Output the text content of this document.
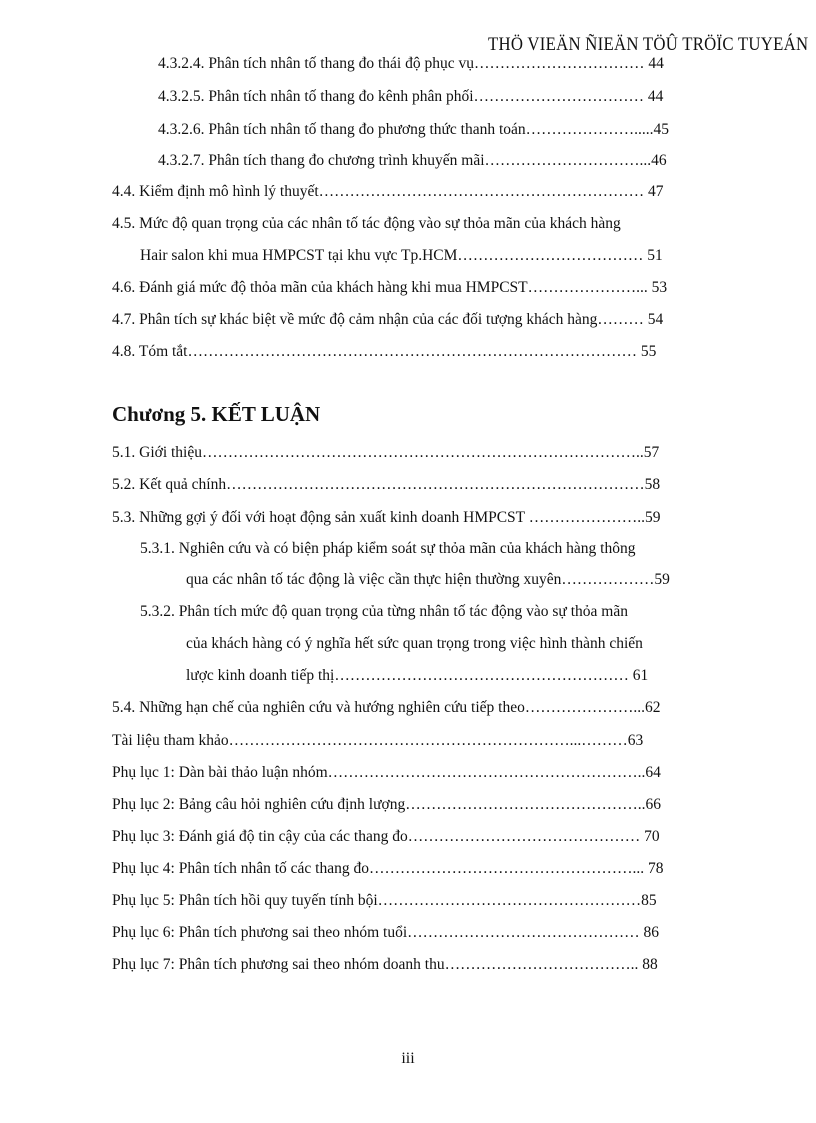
THÖ VIEÄN ÑIEÄN TÖÛ TRÖÏC TUYEÁN
4.3.2.4. Phân tích nhân tố thang đo thái độ phục vụ…………………………… 44
4.3.2.5. Phân tích nhân tố thang đo kênh phân phối…………………………… 44
4.3.2.6. Phân tích nhân tố thang đo phương thức thanh toán………………….....45
4.3.2.7. Phân tích thang đo chương trình khuyến mãi…………………………...46
4.4. Kiểm định mô hình lý thuyết……………………………………………………… 47
4.5. Mức độ quan trọng của các nhân tố tác động vào sự thỏa mãn của khách hàng
Hair salon khi mua HMPCST tại khu vực Tp.HCM……………………………… 51
4.6. Đánh giá mức độ thỏa mãn của khách hàng khi mua HMPCST…………………... 53
4.7. Phân tích sự khác biệt về mức độ cảm nhận của các đối tượng khách hàng……… 54
4.8. Tóm tắt…………………………………………………………………………… 55
Chương 5. KẾT LUẬN
5.1. Giới thiệu…………………………………………………………………………..57
5.2. Kết quả chính………………………………………………………………………58
5.3. Những gợi ý đối với hoạt động sản xuất kinh doanh HMPCST …………………..59
5.3.1. Nghiên cứu và có biện pháp kiểm soát sự thỏa mãn của khách hàng thông
qua các nhân tố tác động là việc cần thực hiện thường xuyên………………59
5.3.2. Phân tích mức độ quan trọng của từng nhân tố tác động vào sự thỏa mãn
của khách hàng có ý nghĩa hết sức quan trọng trong việc hình thành chiến
lược kinh doanh tiếp thị………………………………………………… 61
5.4. Những hạn chế của nghiên cứu và hướng nghiên cứu tiếp theo…………………...62
Tài liệu tham khảo…………………………………………………………...………63
Phụ lục 1: Dàn bài thảo luận nhóm……………………………………………………..64
Phụ lục 2: Bảng câu hỏi nghiên cứu định lượng………………………………………..66
Phụ lục 3: Đánh giá độ tin cậy của các thang đo……………………………………… 70
Phụ lục 4: Phân tích nhân tố các thang đo……………………………………………... 78
Phụ lục 5: Phân tích hồi quy tuyến tính bội……………………………………………85
Phụ lục 6: Phân tích phương sai theo nhóm tuổi……………………………………… 86
Phụ lục 7: Phân tích phương sai theo nhóm doanh thu……………………………….. 88
iii
